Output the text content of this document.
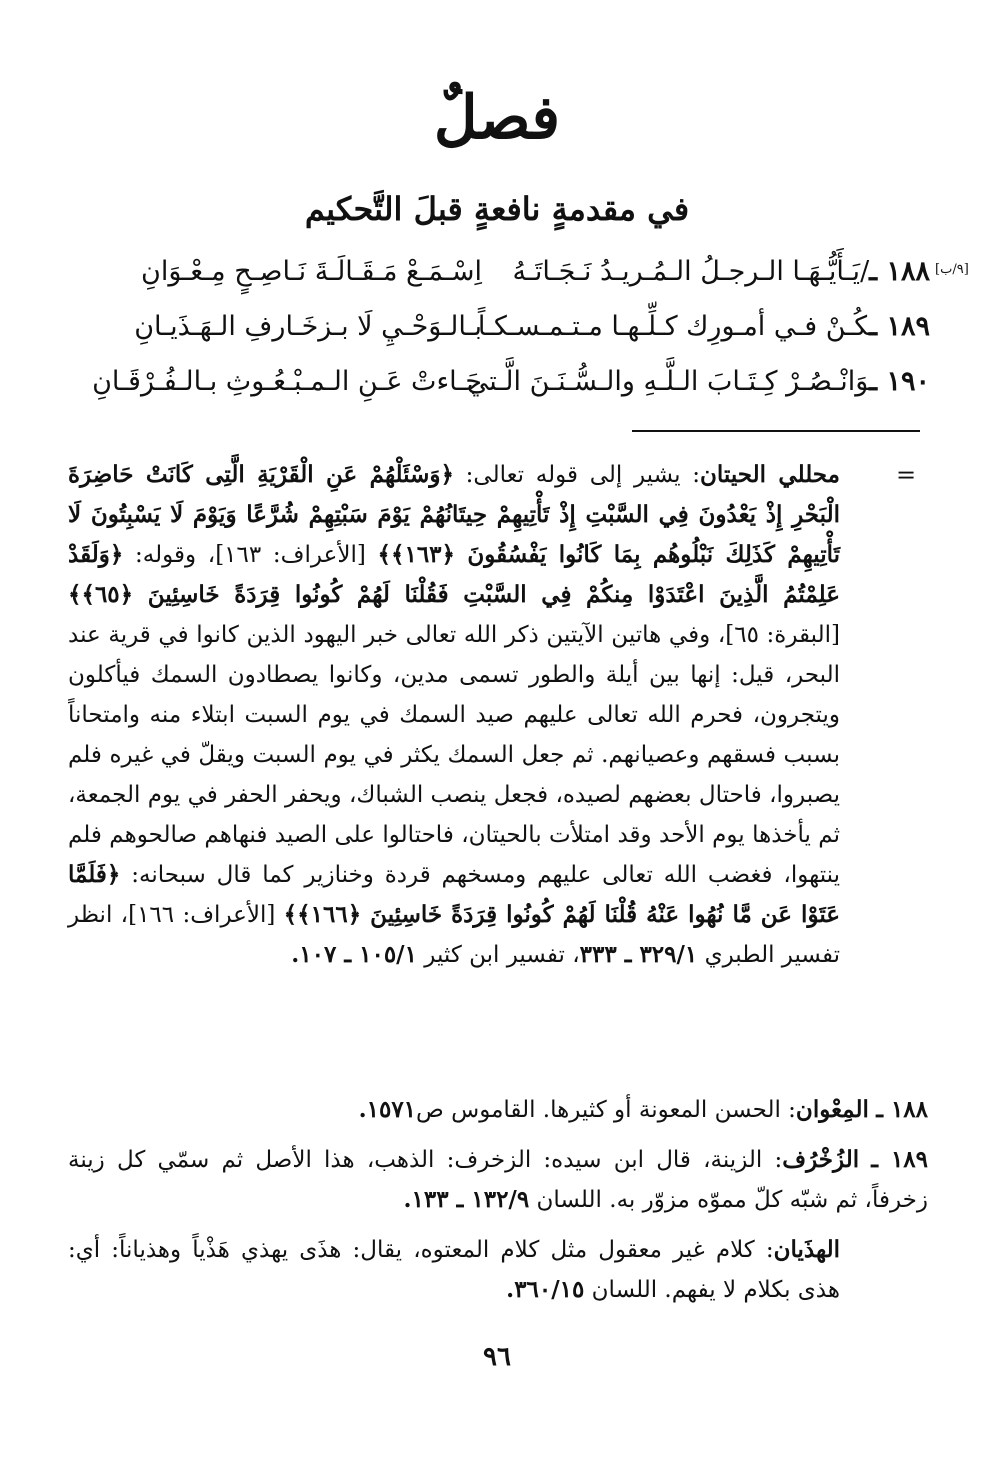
فصلٌ
في مقدمةٍ نافعةٍ قبلَ التَّحكيم
[٩/ب]
١٨٨ ـ/يَـأَيُّـهَـا الـرجـلُ الـمُـريـدُ نَـجَـاتَـهُ
اِسْـمَـعْ مَـقَـالَـةَ نَـاصِـحٍ مِـعْـوَانِ
١٨٩ ـكُـنْ فـي أمـورِك كـلِّـهـا مـتـمـسـكـاً
بـالـوَحْـيِ لَا بـزخَـارفِ الـهَـذَيـانِ
١٩٠ ـوَانْـصُـرْ كِـتَـابَ الـلَّـهِ والـسُّـنَـنَ الَّـتي
جَـاءتْ عَـنِ الـمـبْـعُـوثِ بـالـفُـرْقَـانِ
=
محللي الحيتان: يشير إلى قوله تعالى: ﴿وَسْئَلْهُمْ عَنِ الْقَرْيَةِ الَّتِى كَانَتْ حَاضِرَةَ الْبَحْرِ إِذْ يَعْدُونَ فِي السَّبْتِ إِذْ تَأْتِيهِمْ حِيتَانُهُمْ يَوْمَ سَبْتِهِمْ شُرَّعًا وَيَوْمَ لَا يَسْبِتُونَ لَا تَأْتِيهِمْ كَذَلِكَ نَبْلُوهُم بِمَا كَانُوا يَفْسُقُونَ ﴿١٦٣﴾﴾ [الأعراف: ١٦٣]، وقوله: ﴿وَلَقَدْ عَلِمْتُمُ الَّذِينَ اعْتَدَوْا مِنكُمْ فِي السَّبْتِ فَقُلْنَا لَهُمْ كُونُوا قِرَدَةً خَاسِئِينَ ﴿٦٥﴾﴾ [البقرة: ٦٥]، وفي هاتين الآيتين ذكر الله تعالى خبر اليهود الذين كانوا في قرية عند البحر، قيل: إنها بين أيلة والطور تسمى مدين، وكانوا يصطادون السمك فيأكلون ويتجرون، فحرم الله تعالى عليهم صيد السمك في يوم السبت ابتلاء منه وامتحاناً بسبب فسقهم وعصيانهم. ثم جعل السمك يكثر في يوم السبت ويقلّ في غيره فلم يصبروا، فاحتال بعضهم لصيده، فجعل ينصب الشباك، ويحفر الحفر في يوم الجمعة، ثم يأخذها يوم الأحد وقد امتلأت بالحيتان، فاحتالوا على الصيد فنهاهم صالحوهم فلم ينتهوا، فغضب الله تعالى عليهم ومسخهم قردة وخنازير كما قال سبحانه: ﴿فَلَمَّا عَتَوْا عَن مَّا نُهُوا عَنْهُ قُلْنَا لَهُمْ كُونُوا قِرَدَةً خَاسِئِينَ ﴿١٦٦﴾﴾ [الأعراف: ١٦٦]، انظر تفسير الطبري ٣٢٩/١ ـ ٣٣٣، تفسير ابن كثير ١٠٥/١ ـ ١٠٧.
١٨٨ ـ المِعْوان: الحسن المعونة أو كثيرها. القاموس ص١٥٧١.
١٨٩ ـ الزُخْرُف: الزينة، قال ابن سيده: الزخرف: الذهب، هذا الأصل ثم سمّي كل زينة زخرفاً، ثم شبّه كلّ مموّه مزوّر به. اللسان ١٣٢/٩ ـ ١٣٣.
الهذَيان: كلام غير معقول مثل كلام المعتوه، يقال: هذَى يهذي هَذْياً وهذياناً: أي: هذى بكلام لا يفهم. اللسان ٣٦٠/١٥.
٩٦
